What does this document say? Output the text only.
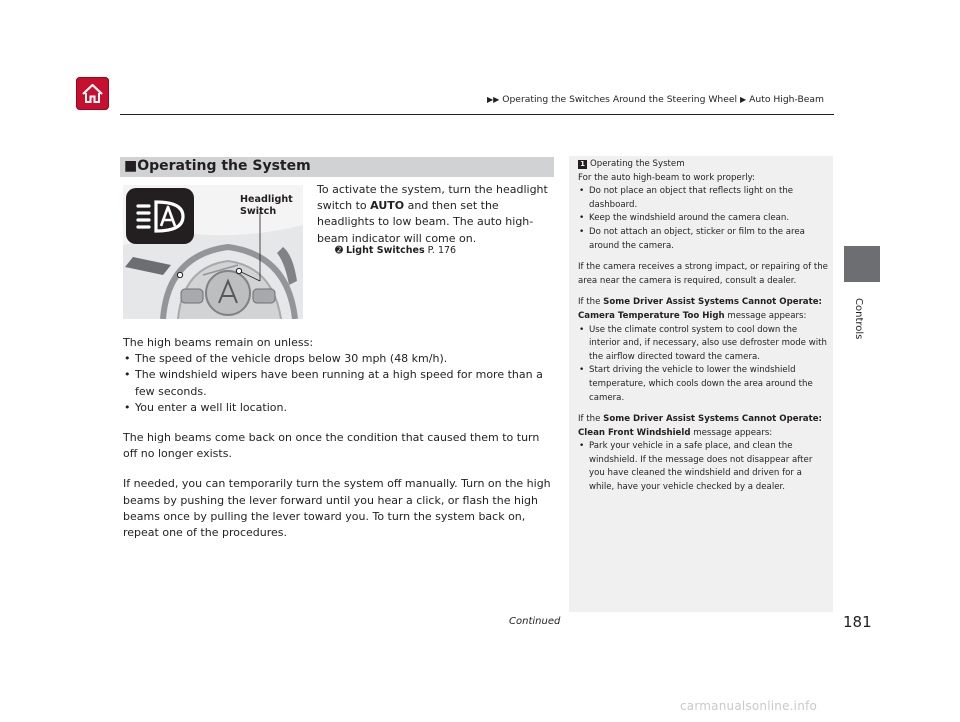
▶▶ Operating the Switches Around the Steering Wheel ▶ Auto High-Beam
Controls
■Operating the System
Headlight
Switch
To activate the system, turn the headlight switch to AUTO and then set the headlights to low beam. The auto high-beam indicator will come on.
➋ Light Switches P. 176

The high beams remain on unless:

• The speed of the vehicle drops below 30 mph (48 km/h).
• The windshield wipers have been running at a high speed for more than a few seconds.
• You enter a well lit location.

The high beams come back on once the condition that caused them to turn off no longer exists.

If needed, you can temporarily turn the system off manually. Turn on the high beams by pushing the lever forward until you hear a click, or flash the high beams once by pulling the lever toward you. To turn the system back on, repeat one of the procedures.

1 Operating the System

For the auto high-beam to work properly:

• Do not place an object that reflects light on the dashboard.
• Keep the windshield around the camera clean.
• Do not attach an object, sticker or film to the area around the camera.

If the camera receives a strong impact, or repairing of the area near the camera is required, consult a dealer.

If the Some Driver Assist Systems Cannot Operate: Camera Temperature Too High message appears:

• Use the climate control system to cool down the interior and, if necessary, also use defroster mode with the airflow directed toward the camera.
• Start driving the vehicle to lower the windshield temperature, which cools down the area around the camera.

If the Some Driver Assist Systems Cannot Operate: Clean Front Windshield message appears:

• Park your vehicle in a safe place, and clean the windshield. If the message does not disappear after you have cleaned the windshield and driven for a while, have your vehicle checked by a dealer.
Continued	181
carmanualsonline.info
